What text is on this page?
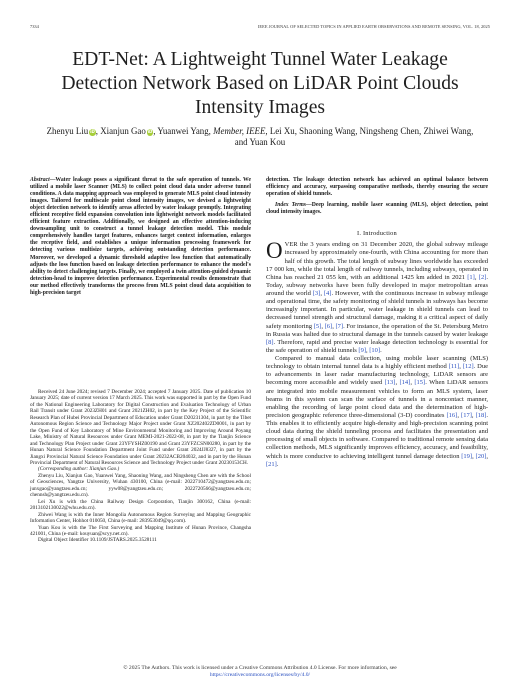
7334	IEEE JOURNAL OF SELECTED TOPICS IN APPLIED EARTH OBSERVATIONS AND REMOTE SENSING, VOL. 18, 2025
EDT-Net: A Lightweight Tunnel Water Leakage Detection Network Based on LiDAR Point Clouds Intensity Images
Zhenyu Liu iD, Xianjun Gao iD, Yuanwei Yang, Member, IEEE, Lei Xu, Shaoning Wang, Ningsheng Chen, Zhiwei Wang, and Yuan Kou
Abstract—Water leakage poses a significant threat to the safe operation of tunnels. We utilized a mobile laser Scanner (MLS) to collect point cloud data under adverse tunnel conditions. A data mapping approach was employed to generate MLS point cloud intensity images. Tailored for multiscale point cloud intensity images, we devised a lightweight object detection network to identify areas affected by water leakage promptly. Integrating efficient receptive field expansion convolution into lightweight network models facilitated efficient feature extraction. Additionally, we designed an effective attention-inducing downsampling unit to construct a tunnel leakage detection model. This module comprehensively handles target features, enhances target context information, enlarges the receptive field, and establishes a unique information processing framework for detecting various multisize targets, achieving outstanding detection performance. Moreover, we developed a dynamic threshold adaptive loss function that automatically adjusts the loss function based on leakage detection performance to enhance the model's ability to detect challenging targets. Finally, we employed a twin attention-guided dynamic detection-head to improve detection performance. Experimental results demonstrate that our method effectively transforms the process from MLS point cloud data acquisition to high-precision target

Received 24 June 2024; revised 7 December 2024; accepted 7 January 2025. Date of publication 10 January 2025; date of current version 17 March 2025. This work was supported in part by the Open Fund of the National Engineering Laboratory for Digital Construction and Evaluation Technology of Urban Rail Transit under Grant 2023ZH01 and Grant 2021ZH02, in part by the Key Project of the Scientific Research Plan of Hubei Provincial Department of Education under Grant D20231304, in part by the Tibet Autonomous Region Science and Technology Major Project under Grant XZ202402ZD0001, in part by the Open Fund of Key Laboratory of Mine Environmental Monitoring and Improving Around Poyang Lake, Ministry of Natural Resources under Grant MEMI-2021-2022-08, in part by the Tianjin Science and Technology Plan Project under Grant 23YFYSHZ00190 and Grant 23YFZCSN00280, in part by the Hunan Natural Science Foundation Department Joint Fund under Grant 2024JJ8327, in part by the Jiangxi Provincial Natural Science Foundation under Grant 20232ACB204032, and in part by the Hunan Provincial Department of Natural Resources Science and Technology Project under Grant 20230153CH.

(Corresponding author: Xianjun Gao.)

Zhenyu Liu, Xianjun Gao, Yuanwei Yang, Shaoning Wang, and Ningsheng Chen are with the School of Geosciences, Yangtze University, Wuhan 430100, China (e-mail: 2022710472@yangtzeu.edu.cn; junxgao@yangtzeu.edu.cn; yyw08@yangtzeu.edu.cn; 2022720566@yangtzeu.edu.cn; chennsh@yangtzeu.edu.cn).

Lei Xu is with the China Railway Design Corporation, Tianjin 300162, China (e-mail: 2013102130022@whu.edu.cn).

Zhiwei Wang is with the Inner Mongolia Autonomous Region Surveying and Mapping Geographic Information Center, Hohhot 010050, China (e-mail: 283953049@qq.com).

Yuan Kou is with the The First Surveying and Mapping Institute of Hunan Province, Changsha 421001, China (e-mail: kouyuan@scyy.net.cn).

Digital Object Identifier 10.1109/JSTARS.2025.3528111

detection. The leakage detection network has achieved an optimal balance between efficiency and accuracy, surpassing comparative methods, thereby ensuring the secure operation of shield tunnels.
Index Terms—Deep learning, mobile laser scanning (MLS), object detection, point cloud intensity images.
I. Introduction

OVER the 3 years ending on 31 December 2020, the global subway mileage increased by approximately one-fourth, with China accounting for more than half of this growth. The total length of subway lines worldwide has exceeded 17 000 km, while the total length of railway tunnels, including subways, operated in China has reached 21 055 km, with an additional 1425 km added in 2021 [1], [2]. Today, subway networks have been fully developed in major metropolitan areas around the world [3], [4]. However, with the continuous increase in subway mileage and operational time, the safety monitoring of shield tunnels in subways has become increasingly important. In particular, water leakage in shield tunnels can lead to decreased tunnel strength and structural damage, making it a critical aspect of daily safety monitoring [5], [6], [7]. For instance, the operation of the St. Petersburg Metro in Russia was halted due to structural damage in the tunnels caused by water leakage [8]. Therefore, rapid and precise water leakage detection technology is essential for the safe operation of shield tunnels [9], [10].

Compared to manual data collection, using mobile laser scanning (MLS) technology to obtain internal tunnel data is a highly efficient method [11], [12]. Due to advancements in laser radar manufacturing technology, LiDAR sensors are becoming more accessible and widely used [13], [14], [15]. When LiDAR sensors are integrated into mobile measurement vehicles to form an MLS system, laser beams in this system can scan the surface of tunnels in a noncontact manner, enabling the recording of large point cloud data and the determination of high-precision geographic reference three-dimensional (3-D) coordinates [16], [17], [18]. This enables it to efficiently acquire high-density and high-precision scanning point cloud data during the shield tunneling process and facilitates the presentation and processing of small objects in software. Compared to traditional remote sensing data collection methods, MLS significantly improves efficiency, accuracy, and feasibility, which is more conducive to achieving intelligent tunnel damage detection [19], [20], [21].

© 2025 The Authors. This work is licensed under a Creative Commons Attribution 4.0 License. For more information, see
https://creativecommons.org/licenses/by/4.0/
